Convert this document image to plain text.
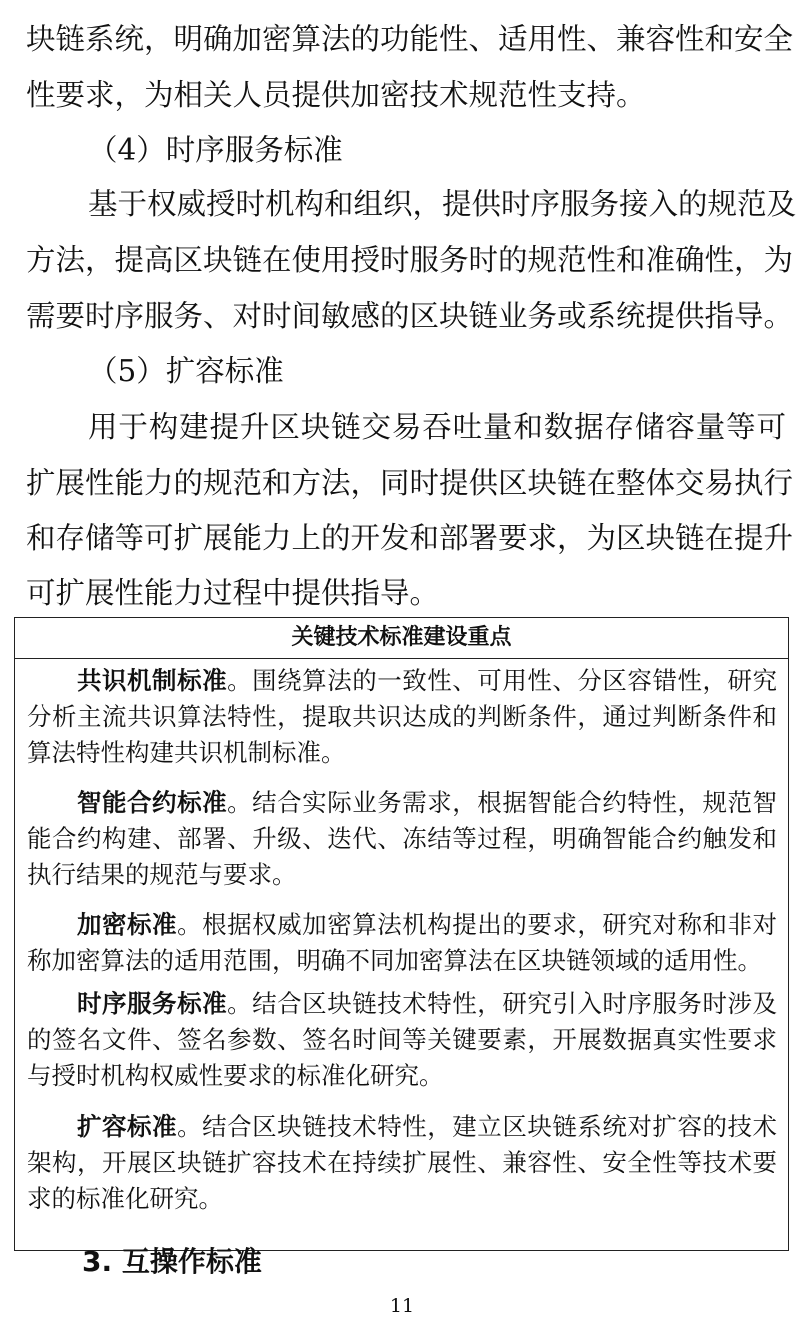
块链系统，明确加密算法的功能性、适用性、兼容性和安全
性要求，为相关人员提供加密技术规范性支持。
（4）时序服务标准
基于权威授时机构和组织，提供时序服务接入的规范及
方法，提高区块链在使用授时服务时的规范性和准确性，为
需要时序服务、对时间敏感的区块链业务或系统提供指导。
（5）扩容标准
用于构建提升区块链交易吞吐量和数据存储容量等可
扩展性能力的规范和方法，同时提供区块链在整体交易执行
和存储等可扩展能力上的开发和部署要求，为区块链在提升
可扩展性能力过程中提供指导。
关键技术标准建设重点
共识机制标准。围绕算法的一致性、可用性、分区容错性，研究
分析主流共识算法特性，提取共识达成的判断条件，通过判断条件和
算法特性构建共识机制标准。
智能合约标准。结合实际业务需求，根据智能合约特性，规范智
能合约构建、部署、升级、迭代、冻结等过程，明确智能合约触发和
执行结果的规范与要求。
加密标准。根据权威加密算法机构提出的要求，研究对称和非对
称加密算法的适用范围，明确不同加密算法在区块链领域的适用性。
时序服务标准。结合区块链技术特性，研究引入时序服务时涉及
的签名文件、签名参数、签名时间等关键要素，开展数据真实性要求
与授时机构权威性要求的标准化研究。
扩容标准。结合区块链技术特性，建立区块链系统对扩容的技术
架构，开展区块链扩容技术在持续扩展性、兼容性、安全性等技术要
求的标准化研究。
3. 互操作标准
11
